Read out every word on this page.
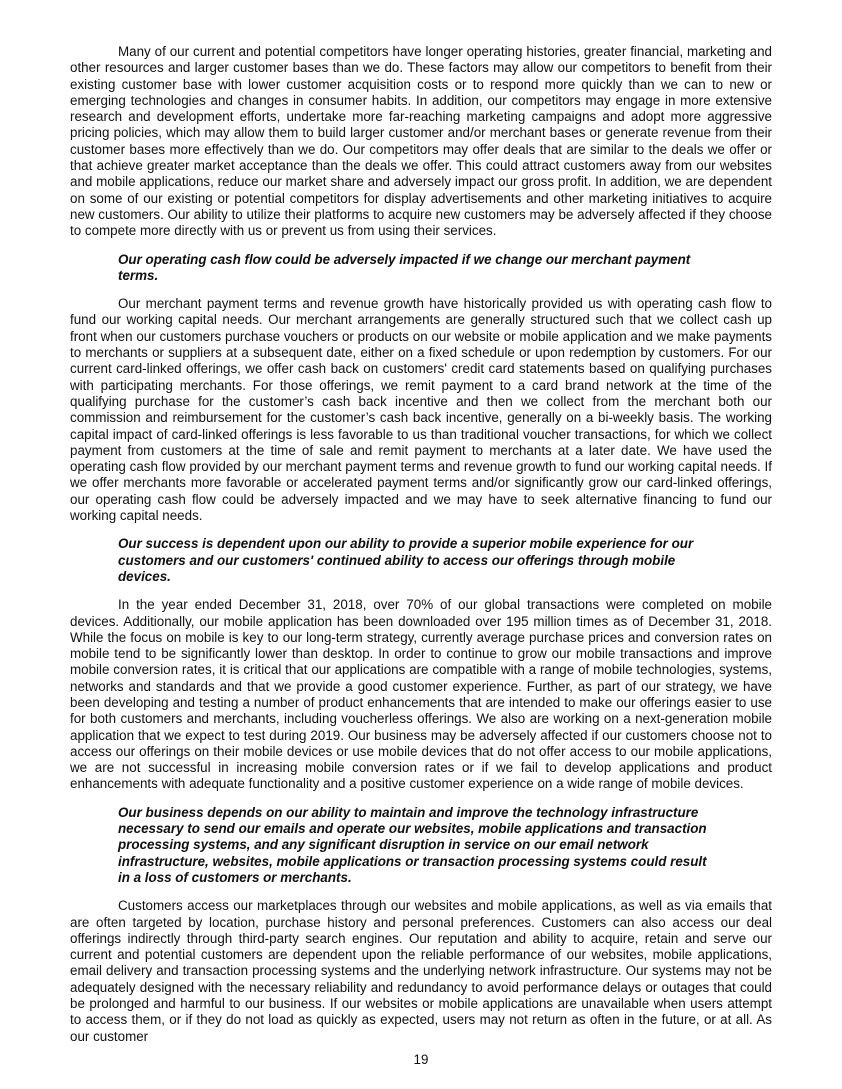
Many of our current and potential competitors have longer operating histories, greater financial, marketing and other resources and larger customer bases than we do. These factors may allow our competitors to benefit from their existing customer base with lower customer acquisition costs or to respond more quickly than we can to new or emerging technologies and changes in consumer habits. In addition, our competitors may engage in more extensive research and development efforts, undertake more far-reaching marketing campaigns and adopt more aggressive pricing policies, which may allow them to build larger customer and/or merchant bases or generate revenue from their customer bases more effectively than we do. Our competitors may offer deals that are similar to the deals we offer or that achieve greater market acceptance than the deals we offer. This could attract customers away from our websites and mobile applications, reduce our market share and adversely impact our gross profit. In addition, we are dependent on some of our existing or potential competitors for display advertisements and other marketing initiatives to acquire new customers. Our ability to utilize their platforms to acquire new customers may be adversely affected if they choose to compete more directly with us or prevent us from using their services.

Our operating cash flow could be adversely impacted if we change our merchant payment terms.

Our merchant payment terms and revenue growth have historically provided us with operating cash flow to fund our working capital needs. Our merchant arrangements are generally structured such that we collect cash up front when our customers purchase vouchers or products on our website or mobile application and we make payments to merchants or suppliers at a subsequent date, either on a fixed schedule or upon redemption by customers. For our current card-linked offerings, we offer cash back on customers' credit card statements based on qualifying purchases with participating merchants. For those offerings, we remit payment to a card brand network at the time of the qualifying purchase for the customer’s cash back incentive and then we collect from the merchant both our commission and reimbursement for the customer’s cash back incentive, generally on a bi-weekly basis. The working capital impact of card-linked offerings is less favorable to us than traditional voucher transactions, for which we collect payment from customers at the time of sale and remit payment to merchants at a later date. We have used the operating cash flow provided by our merchant payment terms and revenue growth to fund our working capital needs. If we offer merchants more favorable or accelerated payment terms and/or significantly grow our card-linked offerings, our operating cash flow could be adversely impacted and we may have to seek alternative financing to fund our working capital needs.

Our success is dependent upon our ability to provide a superior mobile experience for our customers and our customers' continued ability to access our offerings through mobile devices.

In the year ended December 31, 2018, over 70% of our global transactions were completed on mobile devices. Additionally, our mobile application has been downloaded over 195 million times as of December 31, 2018. While the focus on mobile is key to our long-term strategy, currently average purchase prices and conversion rates on mobile tend to be significantly lower than desktop. In order to continue to grow our mobile transactions and improve mobile conversion rates, it is critical that our applications are compatible with a range of mobile technologies, systems, networks and standards and that we provide a good customer experience. Further, as part of our strategy, we have been developing and testing a number of product enhancements that are intended to make our offerings easier to use for both customers and merchants, including voucherless offerings. We also are working on a next-generation mobile application that we expect to test during 2019. Our business may be adversely affected if our customers choose not to access our offerings on their mobile devices or use mobile devices that do not offer access to our mobile applications, we are not successful in increasing mobile conversion rates or if we fail to develop applications and product enhancements with adequate functionality and a positive customer experience on a wide range of mobile devices.

Our business depends on our ability to maintain and improve the technology infrastructure necessary to send our emails and operate our websites, mobile applications and transaction processing systems, and any significant disruption in service on our email network infrastructure, websites, mobile applications or transaction processing systems could result in a loss of customers or merchants.

Customers access our marketplaces through our websites and mobile applications, as well as via emails that are often targeted by location, purchase history and personal preferences. Customers can also access our deal offerings indirectly through third-party search engines. Our reputation and ability to acquire, retain and serve our current and potential customers are dependent upon the reliable performance of our websites, mobile applications, email delivery and transaction processing systems and the underlying network infrastructure. Our systems may not be adequately designed with the necessary reliability and redundancy to avoid performance delays or outages that could be prolonged and harmful to our business. If our websites or mobile applications are unavailable when users attempt to access them, or if they do not load as quickly as expected, users may not return as often in the future, or at all. As our customer

19
